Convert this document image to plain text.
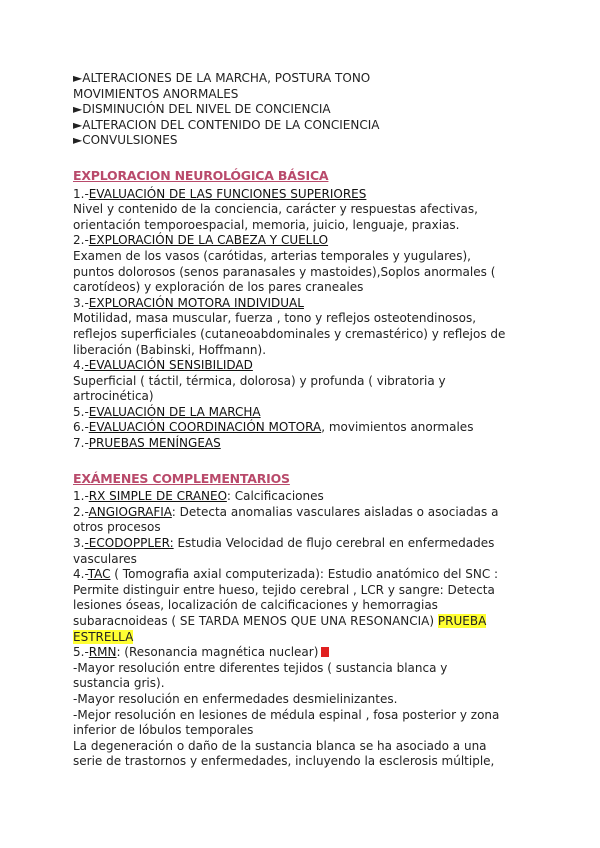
►ALTERACIONES DE LA MARCHA, POSTURA TONO
MOVIMIENTOS ANORMALES
►DISMINUCIÓN DEL NIVEL DE CONCIENCIA
►ALTERACION DEL CONTENIDO DE LA CONCIENCIA
►CONVULSIONES
EXPLORACION NEUROLÓGICA BÁSICA
1.-EVALUACIÓN DE LAS FUNCIONES SUPERIORES
Nivel y contenido de la conciencia, carácter y respuestas afectivas,
orientación temporoespacial, memoria, juicio, lenguaje, praxias.
2.-EXPLORACIÓN DE LA CABEZA Y CUELLO
Examen de los vasos (carótidas, arterias temporales y yugulares),
puntos dolorosos (senos paranasales y mastoides),Soplos anormales (
carotídeos) y exploración de los pares craneales
3.-EXPLORACIÓN MOTORA INDIVIDUAL
Motilidad, masa muscular, fuerza , tono y reflejos osteotendinosos,
reflejos superficiales (cutaneoabdominales y cremastérico) y reflejos de
liberación (Babinski, Hoffmann).
4.-EVALUACIÓN SENSIBILIDAD
Superficial ( táctil, térmica, dolorosa) y profunda ( vibratoria y
artrocinética)
5.-EVALUACIÓN DE LA MARCHA
6.-EVALUACIÓN COORDINACIÓN MOTORA, movimientos anormales
7.-PRUEBAS MENÍNGEAS
EXÁMENES COMPLEMENTARIOS
1.-RX SIMPLE DE CRANEO: Calcificaciones
2.-ANGIOGRAFIA: Detecta anomalias vasculares aisladas o asociadas a
otros procesos
3.-ECODOPPLER: Estudia Velocidad de flujo cerebral en enfermedades
vasculares
4.-TAC ( Tomografia axial computerizada): Estudio anatómico del SNC :
Permite distinguir entre hueso, tejido cerebral , LCR y sangre: Detecta
lesiones óseas, localización de calcificaciones y hemorragias
subaracnoideas ( SE TARDA MENOS QUE UNA RESONANCIA) PRUEBA
ESTRELLA
5.-RMN: (Resonancia magnética nuclear)
-Mayor resolución entre diferentes tejidos ( sustancia blanca y
sustancia gris).
-Mayor resolución en enfermedades desmielinizantes.
-Mejor resolución en lesiones de médula espinal , fosa posterior y zona
inferior de lóbulos temporales
La degeneración o daño de la sustancia blanca se ha asociado a una
serie de trastornos y enfermedades, incluyendo la esclerosis múltiple,
